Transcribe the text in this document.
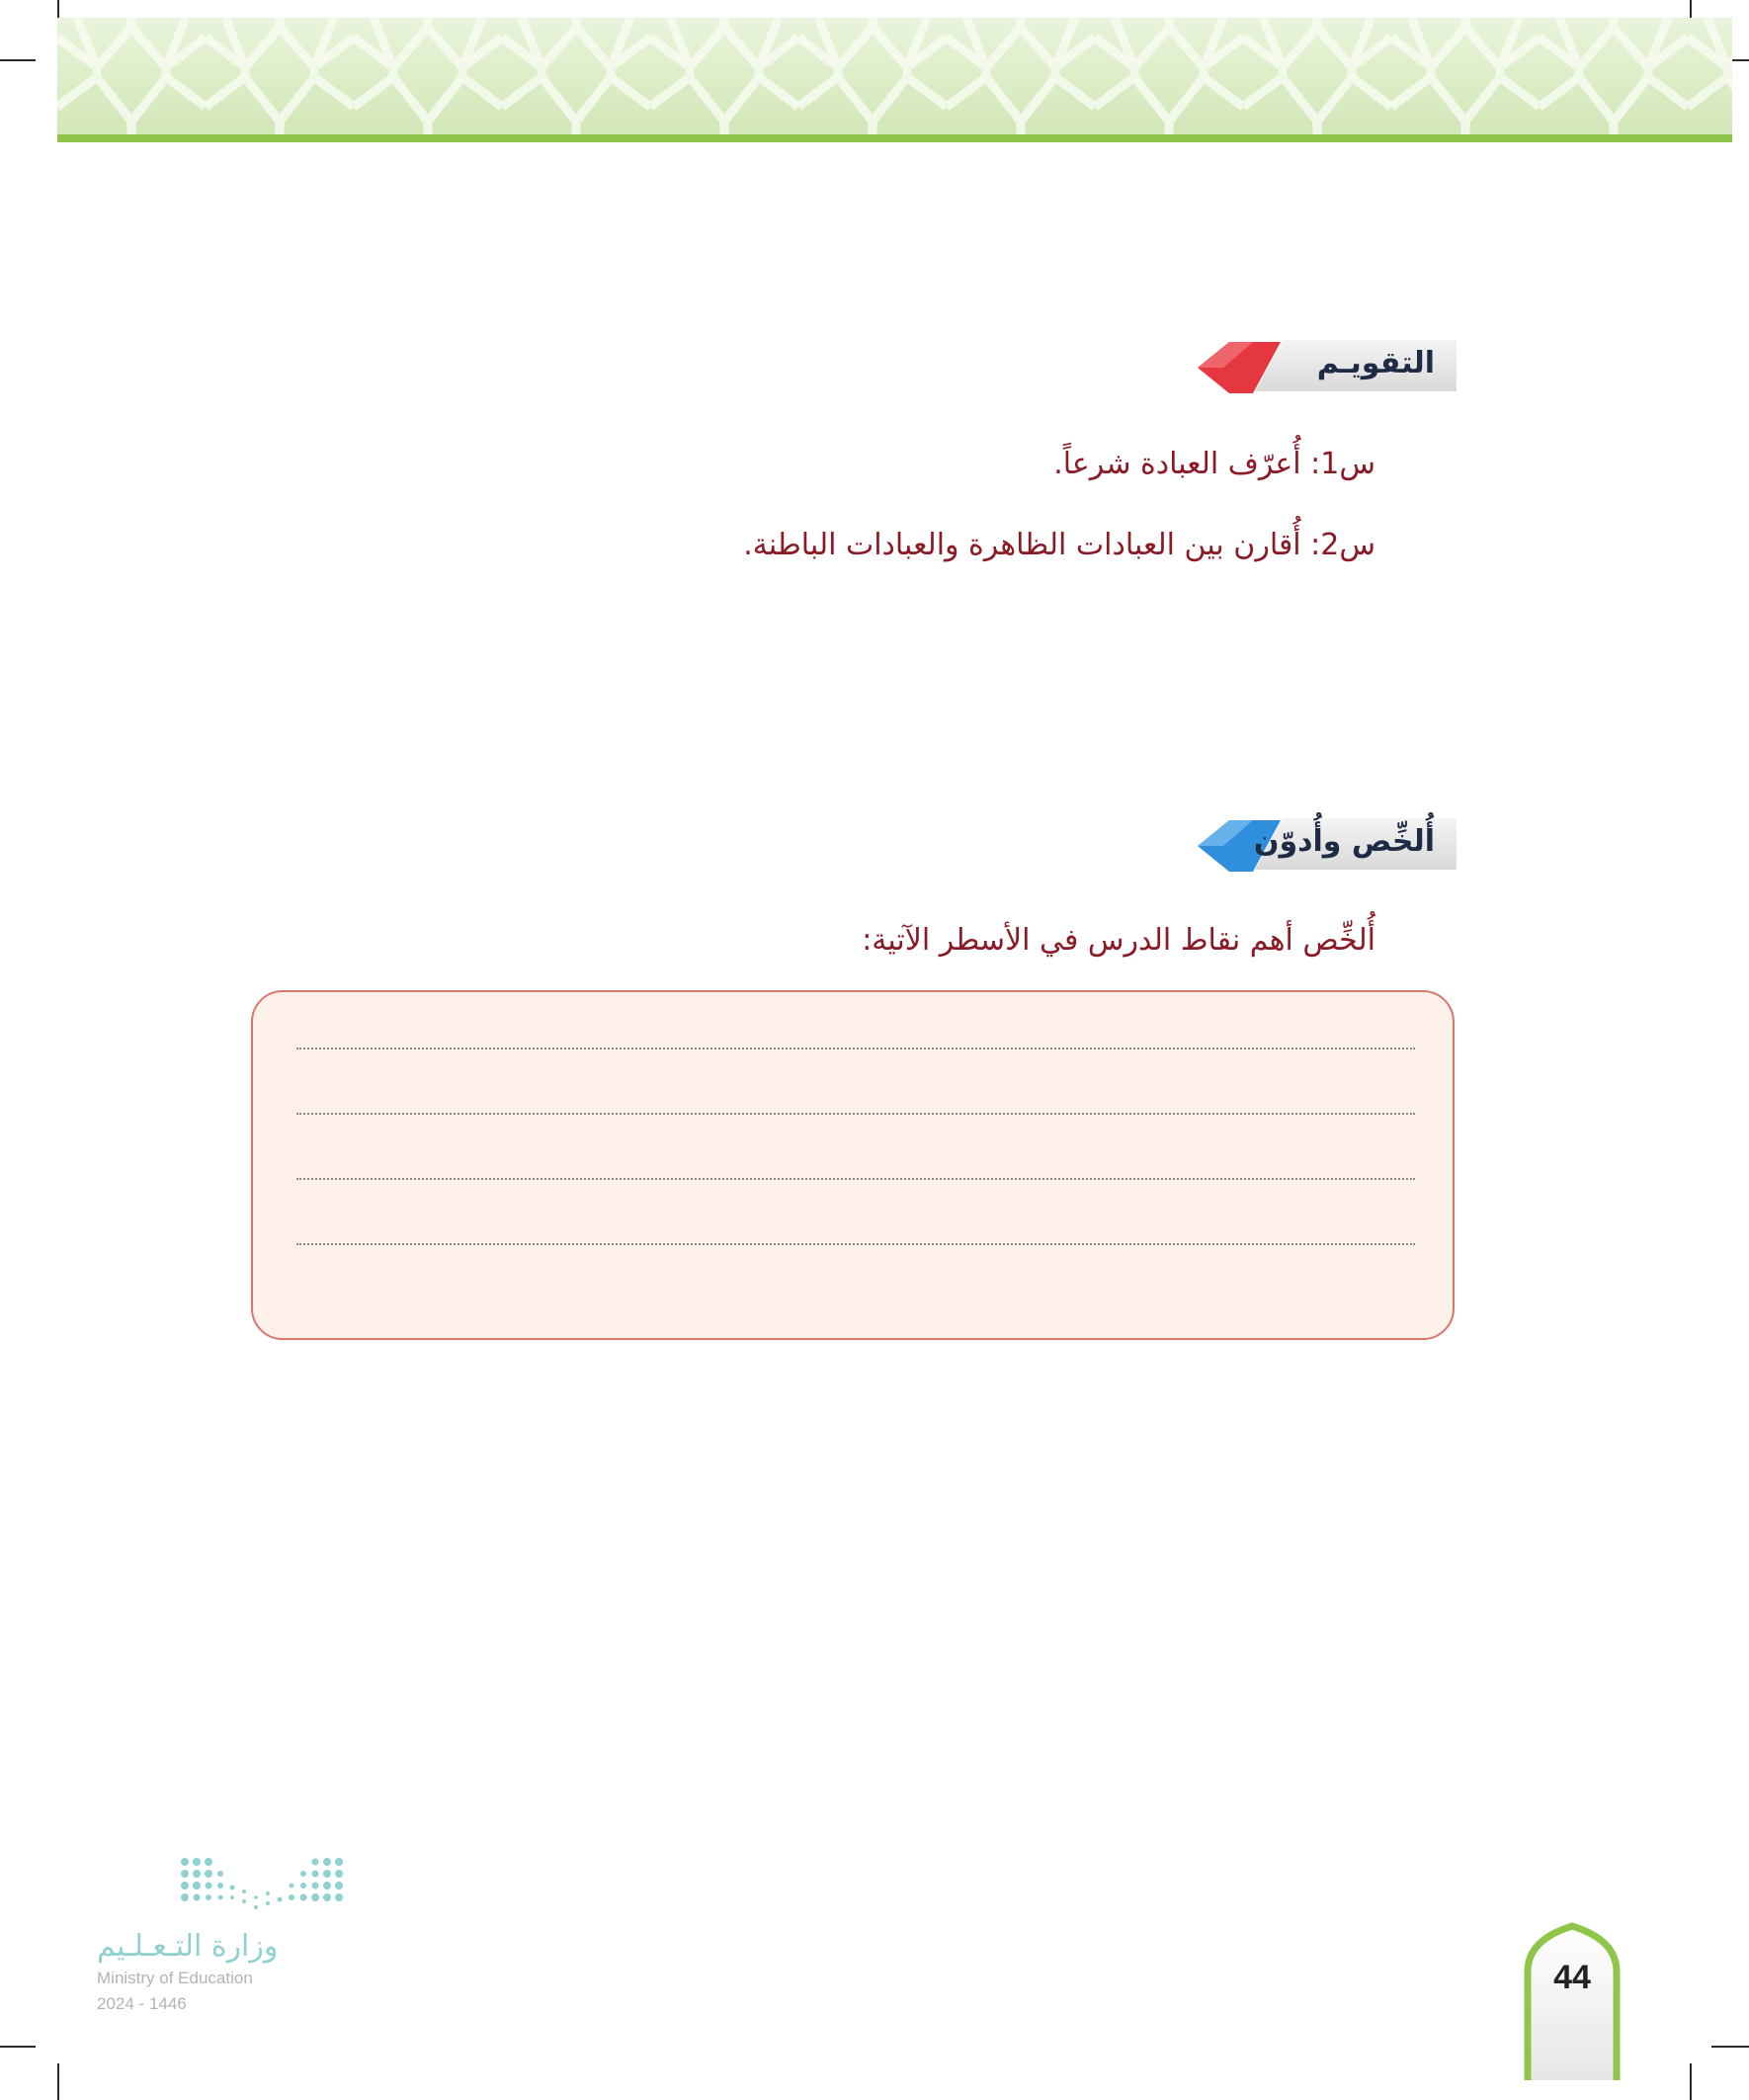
التقويـم
س1: أُعرّف العبادة شرعاً.
س2: أُقارن بين العبادات الظاهرة والعبادات الباطنة.
أُلخِّص وأُدوّن
أُلخِّص أهم نقاط الدرس في الأسطر الآتية:
وزارة التـعـلـيم
Ministry of Education
2024 - 1446
44
